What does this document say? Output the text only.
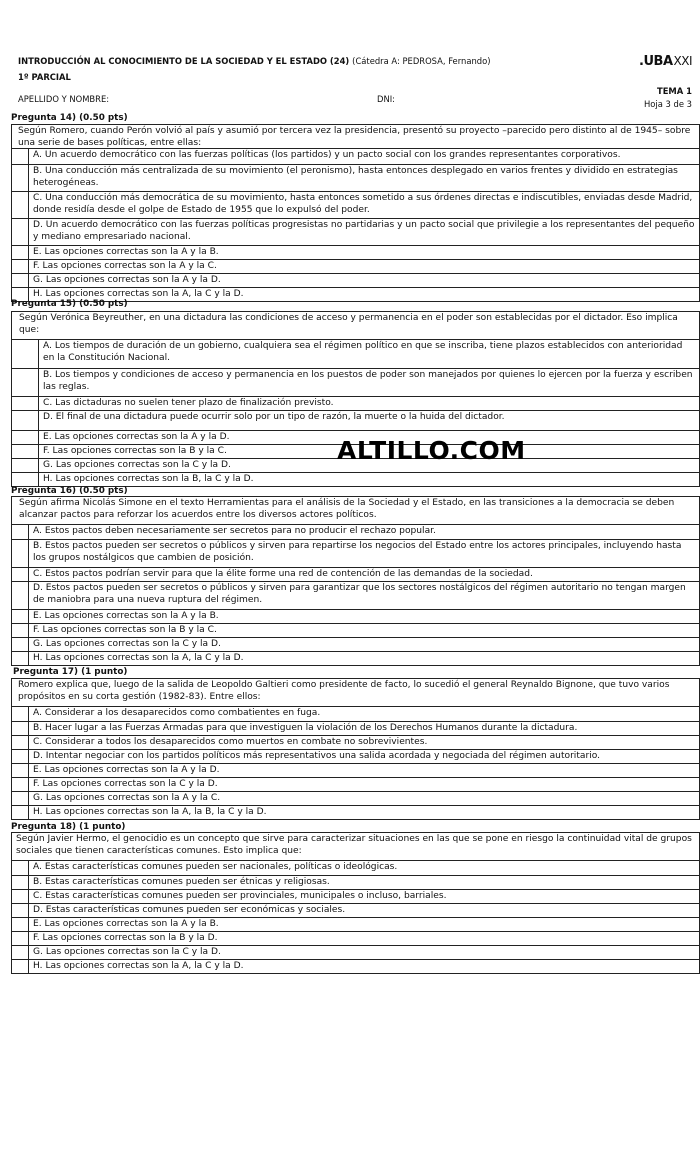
INTRODUCCIÓN AL CONOCIMIENTO DE LA SOCIEDAD Y EL ESTADO (24) (Cátedra A: PEDROSA, Fernando)
1º PARCIAL
.UBAXXI
APELLIDO Y NOMBRE:	DNI:
TEMA 1
Hoja 3 de 3
Pregunta 14) (0.50 pts)
Según Romero, cuando Perón volvió al país y asumió por tercera vez la presidencia, presentó su proyecto –parecido pero distinto al de 1945– sobre una serie de bases políticas, entre ellas:
A. Un acuerdo democrático con las fuerzas políticas (los partidos) y un pacto social con los grandes representantes corporativos.
B. Una conducción más centralizada de su movimiento (el peronismo), hasta entonces desplegado en varios frentes y dividido en estrategias heterogéneas.
C. Una conducción más democrática de su movimiento, hasta entonces sometido a sus órdenes directas e indiscutibles, enviadas desde Madrid, donde residía desde el golpe de Estado de 1955 que lo expulsó del poder.
D. Un acuerdo democrático con las fuerzas políticas progresistas no partidarias y un pacto social que privilegie a los representantes del pequeño y mediano empresariado nacional.
E. Las opciones correctas son la A y la B.
F. Las opciones correctas son la A y la C.
G. Las opciones correctas son la A y la D.
H. Las opciones correctas son la A, la C y la D.
Pregunta 15) (0.50 pts)
Según Verónica Beyreuther, en una dictadura las condiciones de acceso y permanencia en el poder son establecidas por el dictador. Eso implica que:
A. Los tiempos de duración de un gobierno, cualquiera sea el régimen político en que se inscriba, tiene plazos establecidos con anterioridad en la Constitución Nacional.
B. Los tiempos y condiciones de acceso y permanencia en los puestos de poder son manejados por quienes lo ejercen por la fuerza y escriben las reglas.
C. Las dictaduras no suelen tener plazo de finalización previsto.
D. El final de una dictadura puede ocurrir solo por un tipo de razón, la muerte o la huida del dictador.
E. Las opciones correctas son la A y la D.
F. Las opciones correctas son la B y la C.
G. Las opciones correctas son la C y la D.
H. Las opciones correctas son la B, la C y la D.
Pregunta 16) (0.50 pts)
Según afirma Nicolás Simone en el texto Herramientas para el análisis de la Sociedad y el Estado, en las transiciones a la democracia se deben alcanzar pactos para reforzar los acuerdos entre los diversos actores políticos.
A. Estos pactos deben necesariamente ser secretos para no producir el rechazo popular.
B. Estos pactos pueden ser secretos o públicos y sirven para repartirse los negocios del Estado entre los actores principales, incluyendo hasta los grupos nostálgicos que cambien de posición.
C. Estos pactos podrían servir para que la élite forme una red de contención de las demandas de la sociedad.
D. Estos pactos pueden ser secretos o públicos y sirven para garantizar que los sectores nostálgicos del régimen autoritario no tengan margen de maniobra para una nueva ruptura del régimen.
E. Las opciones correctas son la A y la B.
F. Las opciones correctas son la B y la C.
G. Las opciones correctas son la C y la D.
H. Las opciones correctas son la A, la C y la D.
Pregunta 17) (1 punto)
Romero explica que, luego de la salida de Leopoldo Galtieri como presidente de facto, lo sucedió el general Reynaldo Bignone, que tuvo varios propósitos en su corta gestión (1982-83). Entre ellos:
A. Considerar a los desaparecidos como combatientes en fuga.
B. Hacer lugar a las Fuerzas Armadas para que investiguen la violación de los Derechos Humanos durante la dictadura.
C. Considerar a todos los desaparecidos como muertos en combate no sobrevivientes.
D. Intentar negociar con los partidos políticos más representativos una salida acordada y negociada del régimen autoritario.
E. Las opciones correctas son la A y la D.
F. Las opciones correctas son la C y la D.
G. Las opciones correctas son la A y la C.
H. Las opciones correctas son la A, la B, la C y la D.
Pregunta 18) (1 punto)
Según Javier Hermo, el genocidio es un concepto que sirve para caracterizar situaciones en las que se pone en riesgo la continuidad vital de grupos sociales que tienen características comunes. Esto implica que:
A. Estas características comunes pueden ser nacionales, políticas o ideológicas.
B. Estas características comunes pueden ser étnicas y religiosas.
C. Estas características comunes pueden ser provinciales, municipales o incluso, barriales.
D. Estas características comunes pueden ser económicas y sociales.
E. Las opciones correctas son la A y la B.
F. Las opciones correctas son la B y la D.
G. Las opciones correctas son la C y la D.
H. Las opciones correctas son la A, la C y la D.
ALTILLO.COM
